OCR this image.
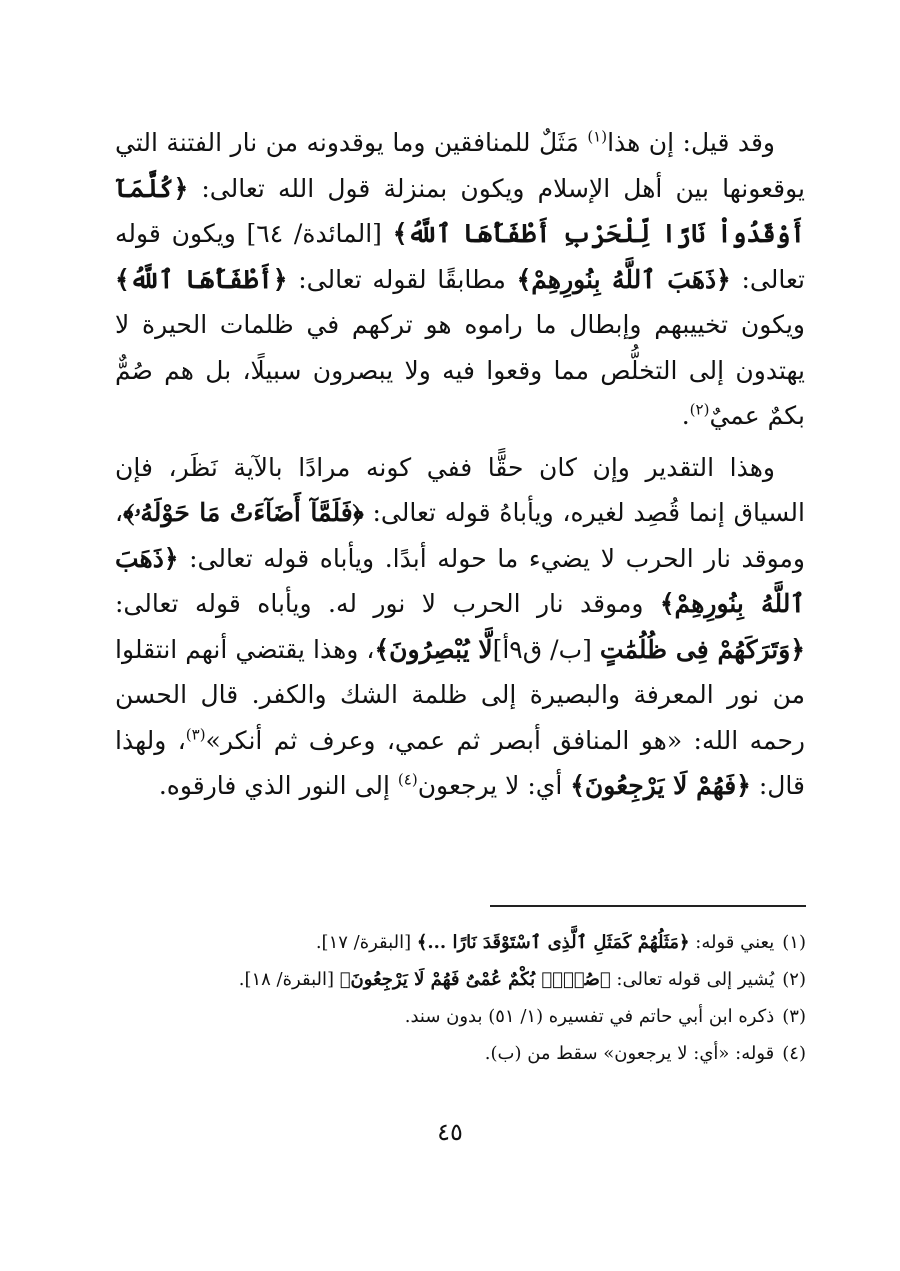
وقد قيل: إن هذا$^{(١)}$ مَثَلٌ للمنافقين وما يوقدونه من نار الفتنة التي يوقعونها بين أهل الإسلام ويكون بمنزلة قول الله تعالى: ﴿كُلَّمَآ أَوْقَدُواْ نَارًا لِّلْحَرْبِ أَطْفَأَهَا ٱللَّهُ﴾ [المائدة/ ٦٤] ويكون قوله تعالى: ﴿ذَهَبَ ٱللَّهُ بِنُورِهِمْ﴾ مطابقًا لقوله تعالى: ﴿أَطْفَأَهَا ٱللَّهُ﴾ ويكون تخييبهم وإبطال ما راموه هو تركهم في ظلمات الحيرة لا يهتدون إلى التخلُّص مما وقعوا فيه ولا يبصرون سبيلًا، بل هم صُمٌّ بكمٌ عميٌ$^{(٢)}$.

وهذا التقدير وإن كان حقًّا ففي كونه مرادًا بالآية نَظَر، فإن السياق إنما قُصِد لغيره، ويأباهُ قوله تعالى: ﴿فَلَمَّآ أَضَآءَتْ مَا حَوْلَهُۥ﴾، وموقد نار الحرب لا يضيء ما حوله أبدًا. ويأباه قوله تعالى: ﴿ذَهَبَ ٱللَّهُ بِنُورِهِمْ﴾ وموقد نار الحرب لا نور له. ويأباه قوله تعالى: ﴿وَتَرَكَهُمْ فِى ظُلُمَٰتٍ [ب/ ق٩أ]لَّا يُبْصِرُونَ﴾، وهذا يقتضي أنهم انتقلوا من نور المعرفة والبصيرة إلى ظلمة الشك والكفر. قال الحسن رحمه الله: «هو المنافق أبصر ثم عمي، وعرف ثم أنكر»$^{(٣)}$، ولهذا قال: ﴿فَهُمْ لَا يَرْجِعُونَ﴾ أي: لا يرجعون$^{(٤)}$ إلى النور الذي فارقوه.

(١)يعني قوله: ﴿مَثَلُهُمْ كَمَثَلِ ٱلَّذِى ٱسْتَوْقَدَ نَارًا ...﴾ [البقرة/ ١٧].
(٢)يُشير إلى قوله تعالى: ﴿صُمٌّۢ بُكْمٌ عُمْىٌ فَهُمْ لَا يَرْجِعُونَ﴾ [البقرة/ ١٨].
(٣)ذكره ابن أبي حاتم في تفسيره (١/ ٥١) بدون سند.
(٤)قوله: «أي: لا يرجعون» سقط من (ب).
٤٥
